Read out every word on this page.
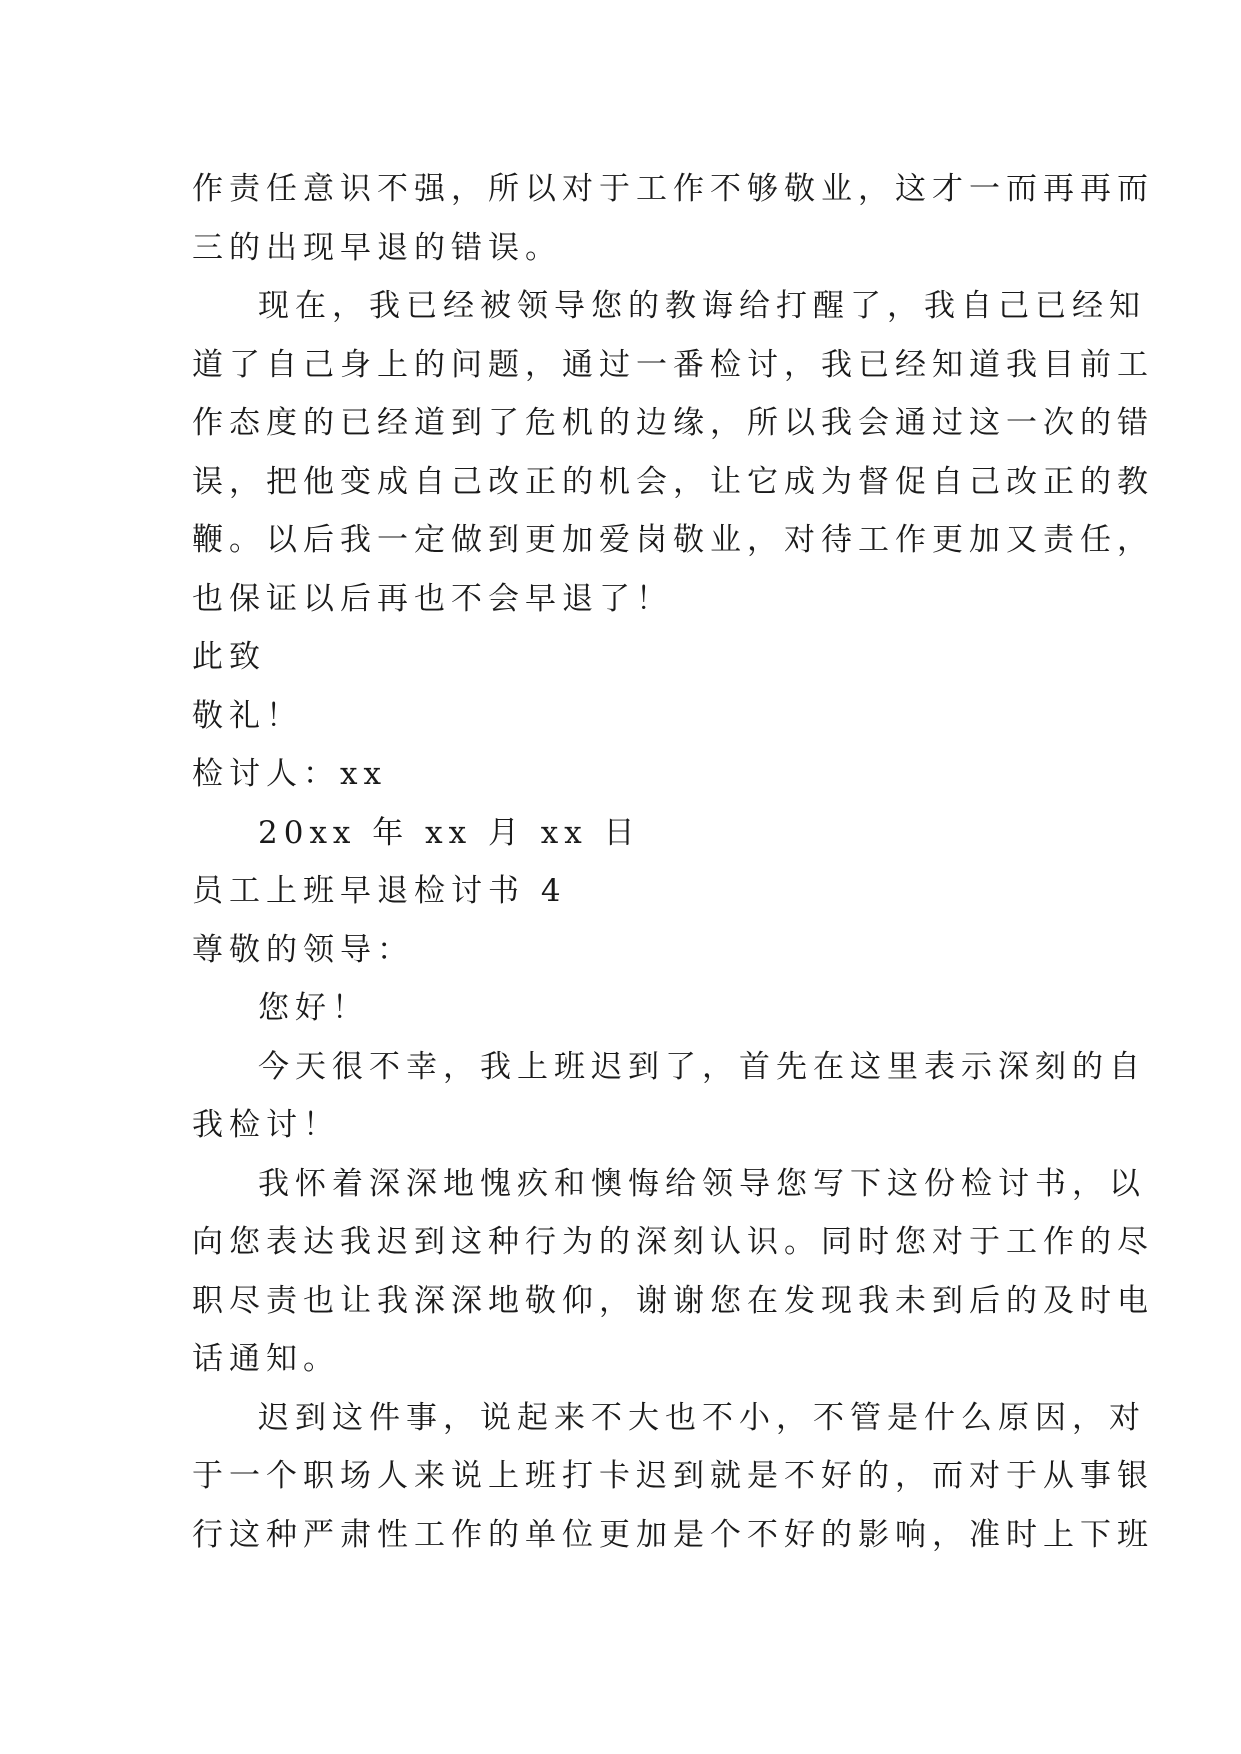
作责任意识不强，所以对于工作不够敬业，这才一而再再而
三的出现早退的错误。
现在，我已经被领导您的教诲给打醒了，我自己已经知
道了自己身上的问题，通过一番检讨，我已经知道我目前工
作态度的已经道到了危机的边缘，所以我会通过这一次的错
误，把他变成自己改正的机会，让它成为督促自己改正的教
鞭。以后我一定做到更加爱岗敬业，对待工作更加又责任，
也保证以后再也不会早退了！
此致
敬礼！
检讨人：xx
20xx 年 xx 月 xx 日
员工上班早退检讨书 4
尊敬的领导：
您好！
今天很不幸，我上班迟到了，首先在这里表示深刻的自
我检讨！
我怀着深深地愧疚和懊悔给领导您写下这份检讨书，以
向您表达我迟到这种行为的深刻认识。同时您对于工作的尽
职尽责也让我深深地敬仰，谢谢您在发现我未到后的及时电
话通知。
迟到这件事，说起来不大也不小，不管是什么原因，对
于一个职场人来说上班打卡迟到就是不好的，而对于从事银
行这种严肃性工作的单位更加是个不好的影响，准时上下班
